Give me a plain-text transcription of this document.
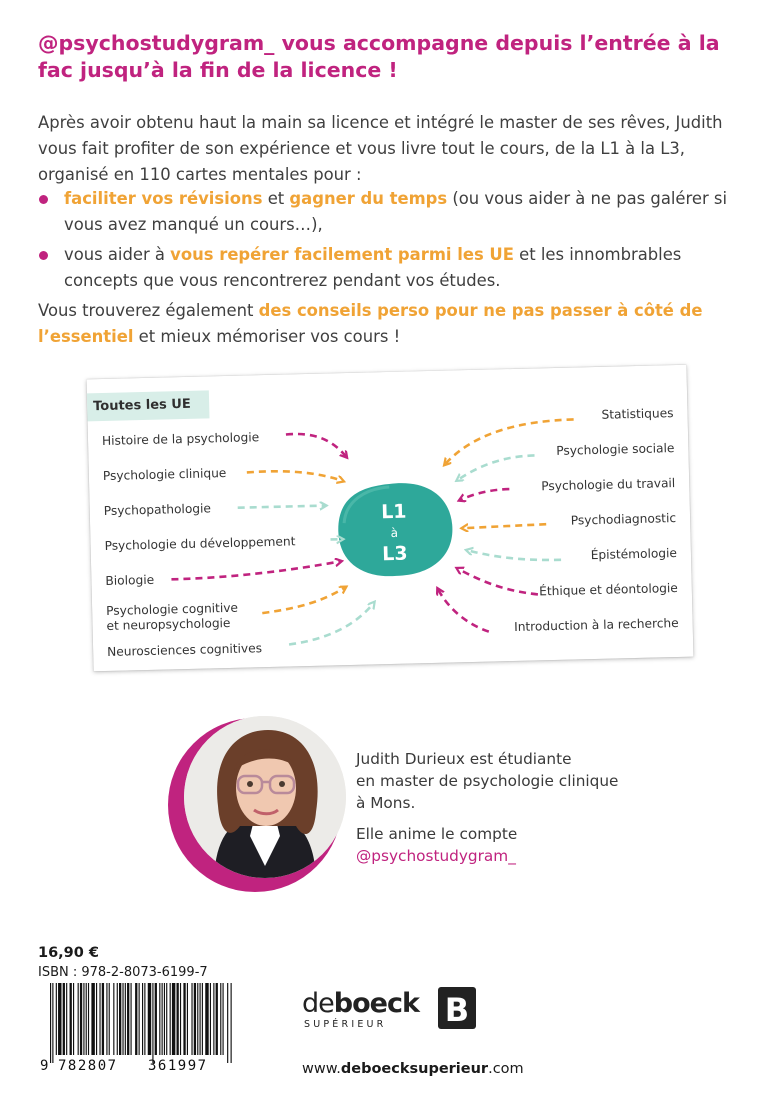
@psychostudygram_ vous accompagne depuis l’entrée à la fac jusqu’à la fin de la licence !

Après avoir obtenu haut la main sa licence et intégré le master de ses rêves, Judith vous fait profiter de son expérience et vous livre tout le cours, de la L1 à la L3, organisé en 110 cartes mentales pour :

faciliter vos révisions et gagner du temps (ou vous aider à ne pas galérer si vous avez manqué un cours…),
vous aider à vous repérer facilement parmi les UE et les innombrables concepts que vous rencontrerez pendant vos études.

Vous trouverez également des conseils perso pour ne pas passer à côté de l’essentiel et mieux mémoriser vos cours !

Toutes les UE
L1
à
L3
Histoire de la psychologie
Psychologie clinique
Psychopathologie
Psychologie du développement
Biologie
Psychologie cognitive
et neuropsychologie
Neurosciences cognitives
Statistiques
Psychologie sociale
Psychologie du travail
Psychodiagnostic
Épistémologie
Éthique et déontologie
Introduction à la recherche

Judith Durieux est étudiante

en master de psychologie clinique

à Mons.

Elle anime le compte

@psychostudygram_

16,90 €
ISBN : 978-2-8073-6199-7
9 782807 361997
deboeck
SUPÉRIEUR B
www.deboecksuperieur.com
